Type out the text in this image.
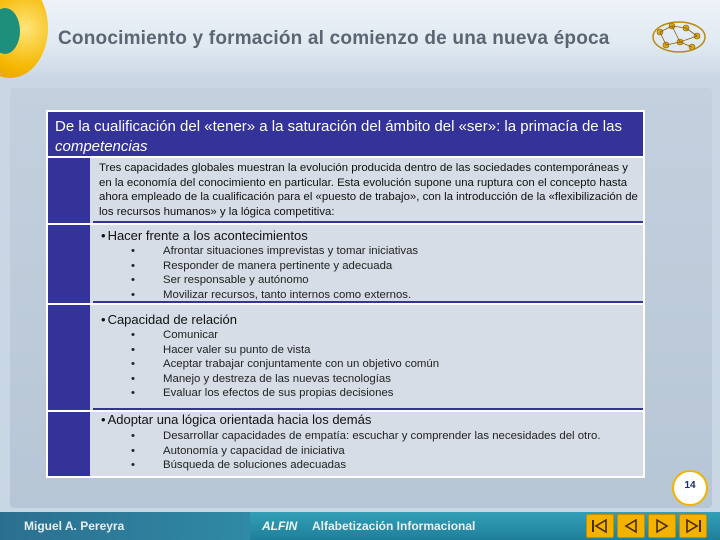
Conocimiento y formación al comienzo de una nueva época
De la cualificación del «tener» a la saturación del ámbito del «ser»: la primacía de las competencias
Tres capacidades globales muestran la evolución producida dentro de las sociedades contemporáneas y en la economía del conocimiento en particular. Esta evolución supone una ruptura con el concepto hasta ahora empleado de la cualificación para el «puesto de trabajo», con la introducción de la «flexibilización de los recursos humanos» y la lógica competitiva:
• Hacer frente a los acontecimientos
• Afrontar situaciones imprevistas y tomar iniciativas
• Responder de manera pertinente y adecuada
• Ser responsable y autónomo
• Movilizar recursos, tanto internos como externos.
• Capacidad de relación
• Comunicar
• Hacer valer su punto de vista
• Aceptar trabajar conjuntamente con un objetivo común
• Manejo y destreza de las nuevas tecnologías
• Evaluar los efectos de sus propias decisiones
• Adoptar una lógica orientada hacia los demás
• Desarrollar capacidades de empatía: escuchar y comprender las necesidades del otro.
• Autonomía y capacidad de iniciativa
• Búsqueda de soluciones adecuadas
14
Miguel A. Pereyra	ALFIN Alfabetización Informacional
